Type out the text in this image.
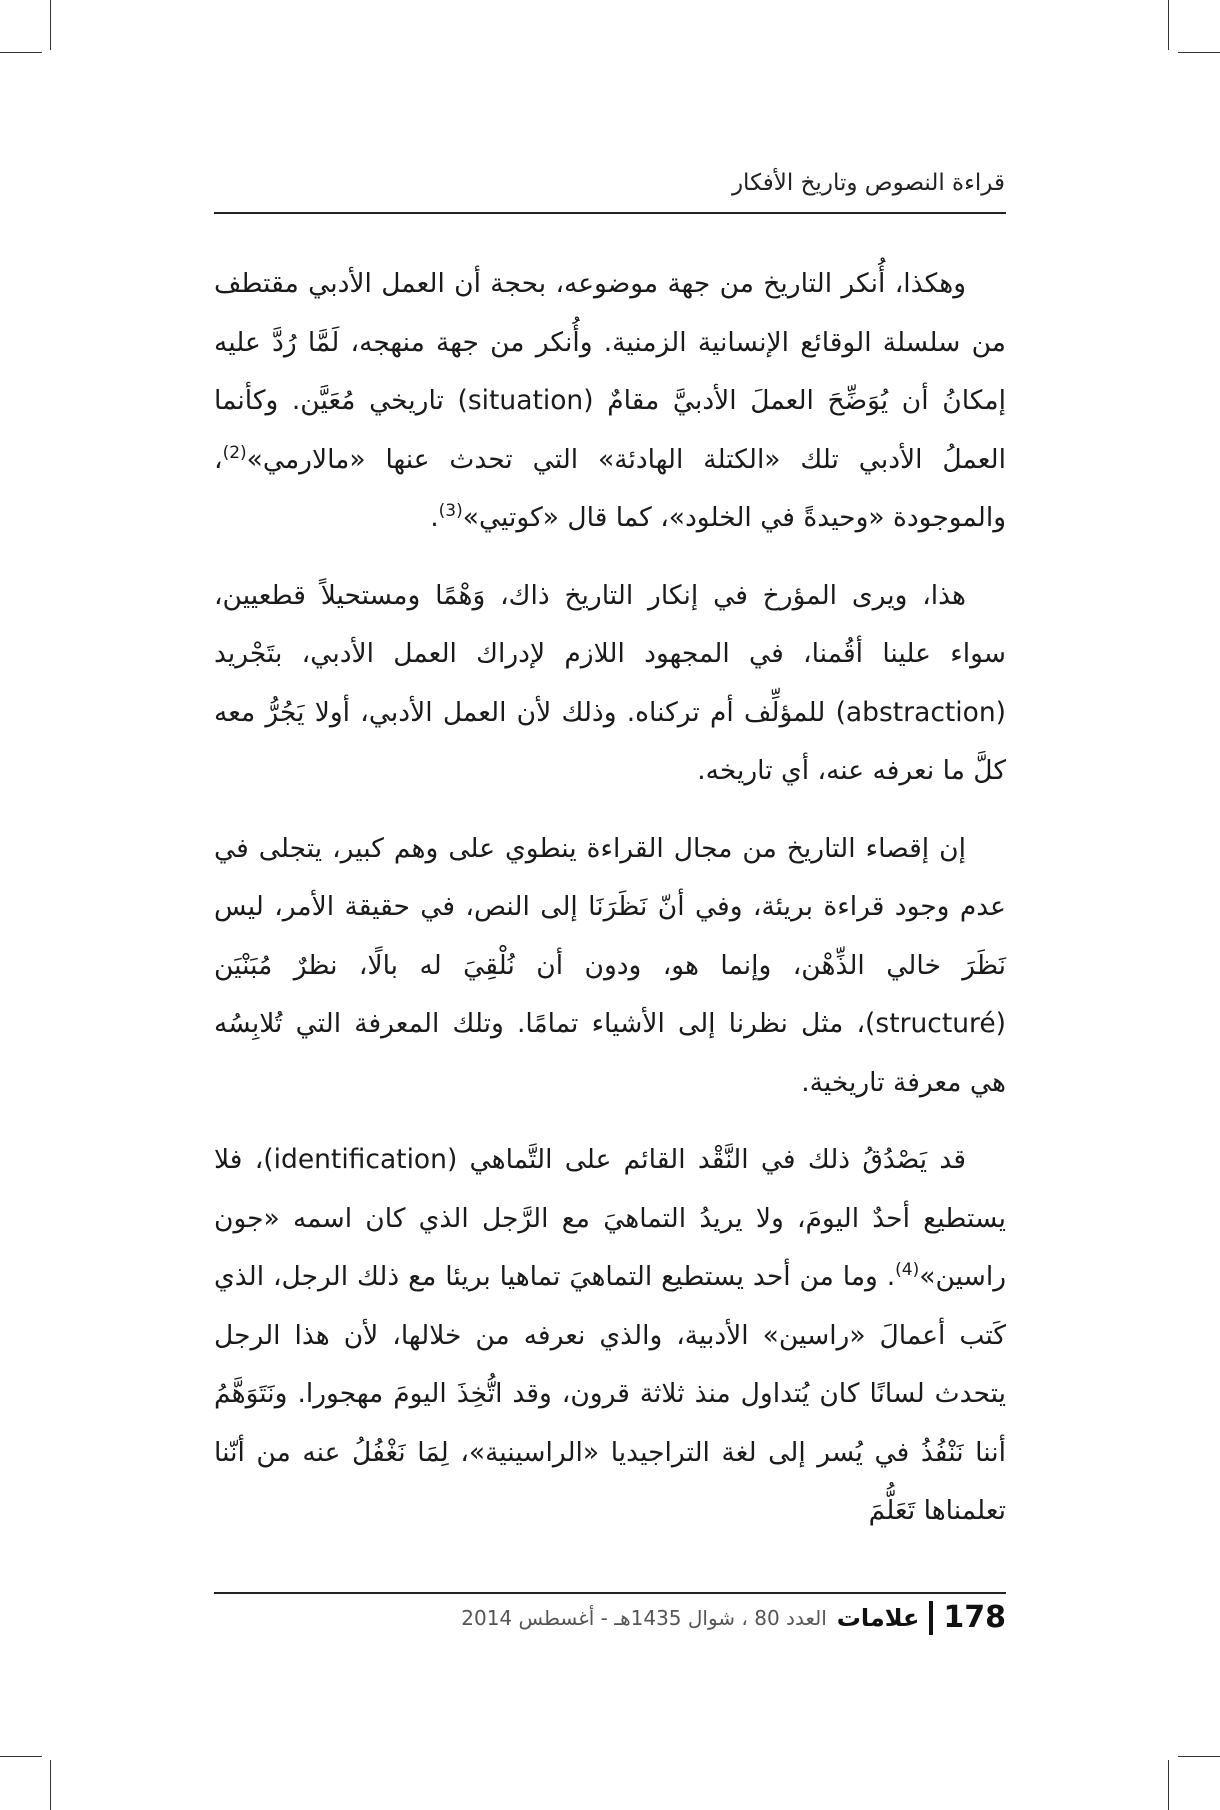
قراءة النصوص وتاريخ الأفكار

وهكذا، أُنكر التاريخ من جهة موضوعه، بحجة أن العمل الأدبي مقتطف من سلسلة الوقائع الإنسانية الزمنية. وأُنكر من جهة منهجه، لَمَّا رُدَّ عليه إمكانُ أن يُوَضِّحَ العملَ الأدبيَّ مقامٌ (situation) تاريخي مُعَيَّن. وكأنما العملُ الأدبي تلك «الكتلة الهادئة» التي تحدث عنها «مالارمي»$^{(2)}$، والموجودة «وحيدةً في الخلود»، كما قال «كوتيي»$^{(3)}$.

هذا، ويرى المؤرخ في إنكار التاريخ ذاك، وَهْمًا ومستحيلاً قطعيين، سواء علينا أقُمنا، في المجهود اللازم لإدراك العمل الأدبي، بتَجْريد (abstraction) للمؤلِّف أم تركناه. وذلك لأن العمل الأدبي، أولا يَجُرُّ معه كلَّ ما نعرفه عنه، أي تاريخه.

إن إقصاء التاريخ من مجال القراءة ينطوي على وهم كبير، يتجلى في عدم وجود قراءة بريئة، وفي أنّ نَظَرَنَا إلى النص، في حقيقة الأمر، ليس نَظَرَ خالي الذِّهْن، وإنما هو، ودون أن نُلْقِيَ له بالًا، نظرٌ مُبَنْيَن (structuré)، مثل نظرنا إلى الأشياء تمامًا. وتلك المعرفة التي تُلابِسُه هي معرفة تاريخية.

قد يَصْدُقُ ذلك في النَّقْد القائم على التَّماهي (identification)، فلا يستطيع أحدٌ اليومَ، ولا يريدُ التماهيَ مع الرَّجل الذي كان اسمه «جون راسين»$^{(4)}$. وما من أحد يستطيع التماهيَ تماهيا بريئا مع ذلك الرجل، الذي كَتب أعمالَ «راسين» الأدبية، والذي نعرفه من خلالها، لأن هذا الرجل يتحدث لسانًا كان يُتداول منذ ثلاثة قرون، وقد اتُّخِذَ اليومَ مهجورا. ونَتَوَهَّمُ أننا نَنْفُذُ في يُسر إلى لغة التراجيديا «الراسينية»، لِمَا نَغْفُلُ عنه من أنّنا تعلمناها تَعَلُّمَ

178
علامات
العدد 80 ، شوال 1435هـ - أغسطس 2014
